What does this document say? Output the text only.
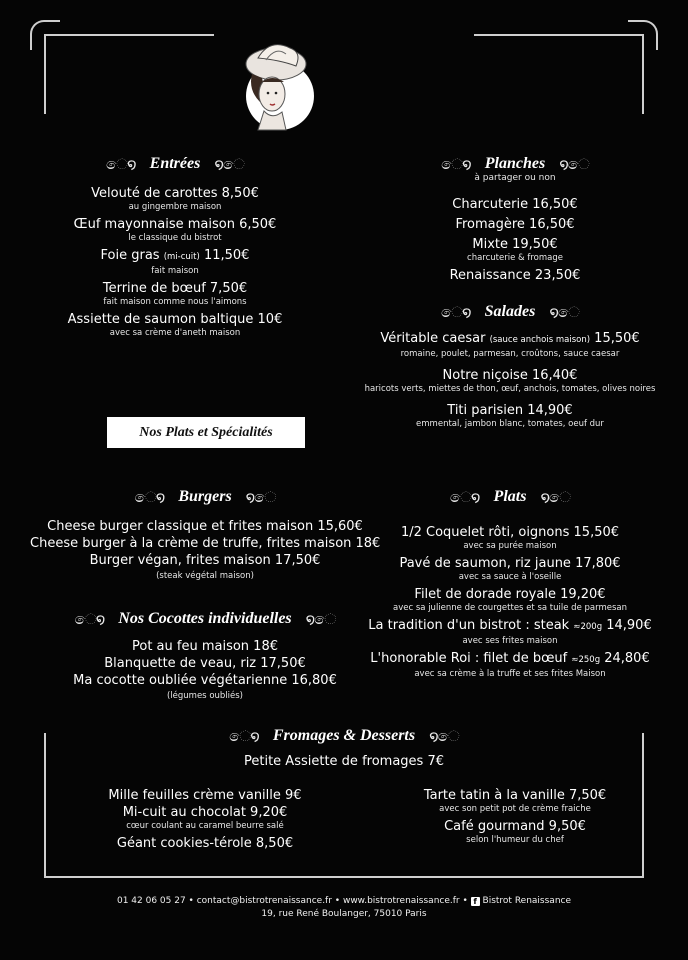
ෙ໑ Entrées ໑ෙ
Velouté de carottes 8,50€
au gingembre maison
Œuf mayonnaise maison 6,50€
le classique du bistrot
Foie gras (mi-cuit) 11,50€
fait maison
Terrine de bœuf 7,50€
fait maison comme nous l'aimons
Assiette de saumon baltique 10€
avec sa crème d'aneth maison
ෙ໑ Planches ໑ෙ
à partager ou non
Charcuterie 16,50€
Fromagère 16,50€
Mixte 19,50€
charcuterie & fromage
Renaissance 23,50€
ෙ໑ Salades ໑ෙ
Véritable caesar (sauce anchois maison) 15,50€
romaine, poulet, parmesan, croûtons, sauce caesar
Notre niçoise 16,40€
haricots verts, miettes de thon, œuf, anchois, tomates, olives noires
Titi parisien 14,90€
emmental, jambon blanc, tomates, oeuf dur
Nos Plats et Spécialités
ෙ໑ Burgers ໑ෙ
Cheese burger classique et frites maison 15,60€
Cheese burger à la crème de truffe, frites maison 18€
Burger végan, frites maison 17,50€
(steak végétal maison)
ෙ໑ Nos Cocottes individuelles ໑ෙ
Pot au feu maison 18€
Blanquette de veau, riz 17,50€
Ma cocotte oubliée végétarienne 16,80€
(légumes oubliés)
ෙ໑ Plats ໑ෙ
1/2 Coquelet rôti, oignons 15,50€
avec sa purée maison
Pavé de saumon, riz jaune 17,80€
avec sa sauce à l'oseille
Filet de dorade royale 19,20€
avec sa julienne de courgettes et sa tuile de parmesan
La tradition d'un bistrot : steak ≈200g 14,90€
avec ses frites maison
L'honorable Roi : filet de bœuf ≈250g 24,80€
avec sa crème à la truffe et ses frites Maison
ෙ໑ Fromages & Desserts ໑ෙ
Petite Assiette de fromages 7€
Mille feuilles crème vanille 9€
Mi-cuit au chocolat 9,20€
cœur coulant au caramel beurre salé
Géant cookies-térole 8,50€
Tarte tatin à la vanille 7,50€
avec son petit pot de crème fraiche
Café gourmand 9,50€
selon l'humeur du chef
01 42 06 05 27 • contact@bistrotrenaissance.fr • www.bistrotrenaissance.fr • f Bistrot Renaissance
19, rue René Boulanger, 75010 Paris
